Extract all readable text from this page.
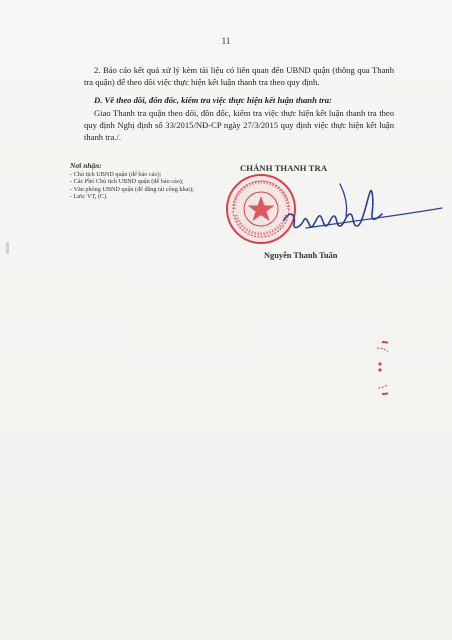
11
2. Báo cáo kết quả xử lý kèm tài liệu có liên quan đến UBND quận (thông qua Thanh tra quận) để theo dõi việc thực hiện kết luận thanh tra theo quy định.
D. Về theo dõi, đôn đốc, kiểm tra việc thực hiện kết luận thanh tra:
Giao Thanh tra quận theo dõi, đôn đốc, kiểm tra việc thực hiện kết luận thanh tra theo quy định Nghị định số 33/2015/NĐ-CP ngày 27/3/2015 quy định việc thực hiện kết luận thanh tra./.
Nơi nhận:
- Chủ tịch UBND quận (để báo cáo);
- Các Phó Chủ tịch UBND quận (để báo cáo);
- Văn phòng UBND quận (để đăng tải công khai);
- Lưu: VT, (C).
CHÁNH THANH TRA
Nguyễn Thanh Tuấn
